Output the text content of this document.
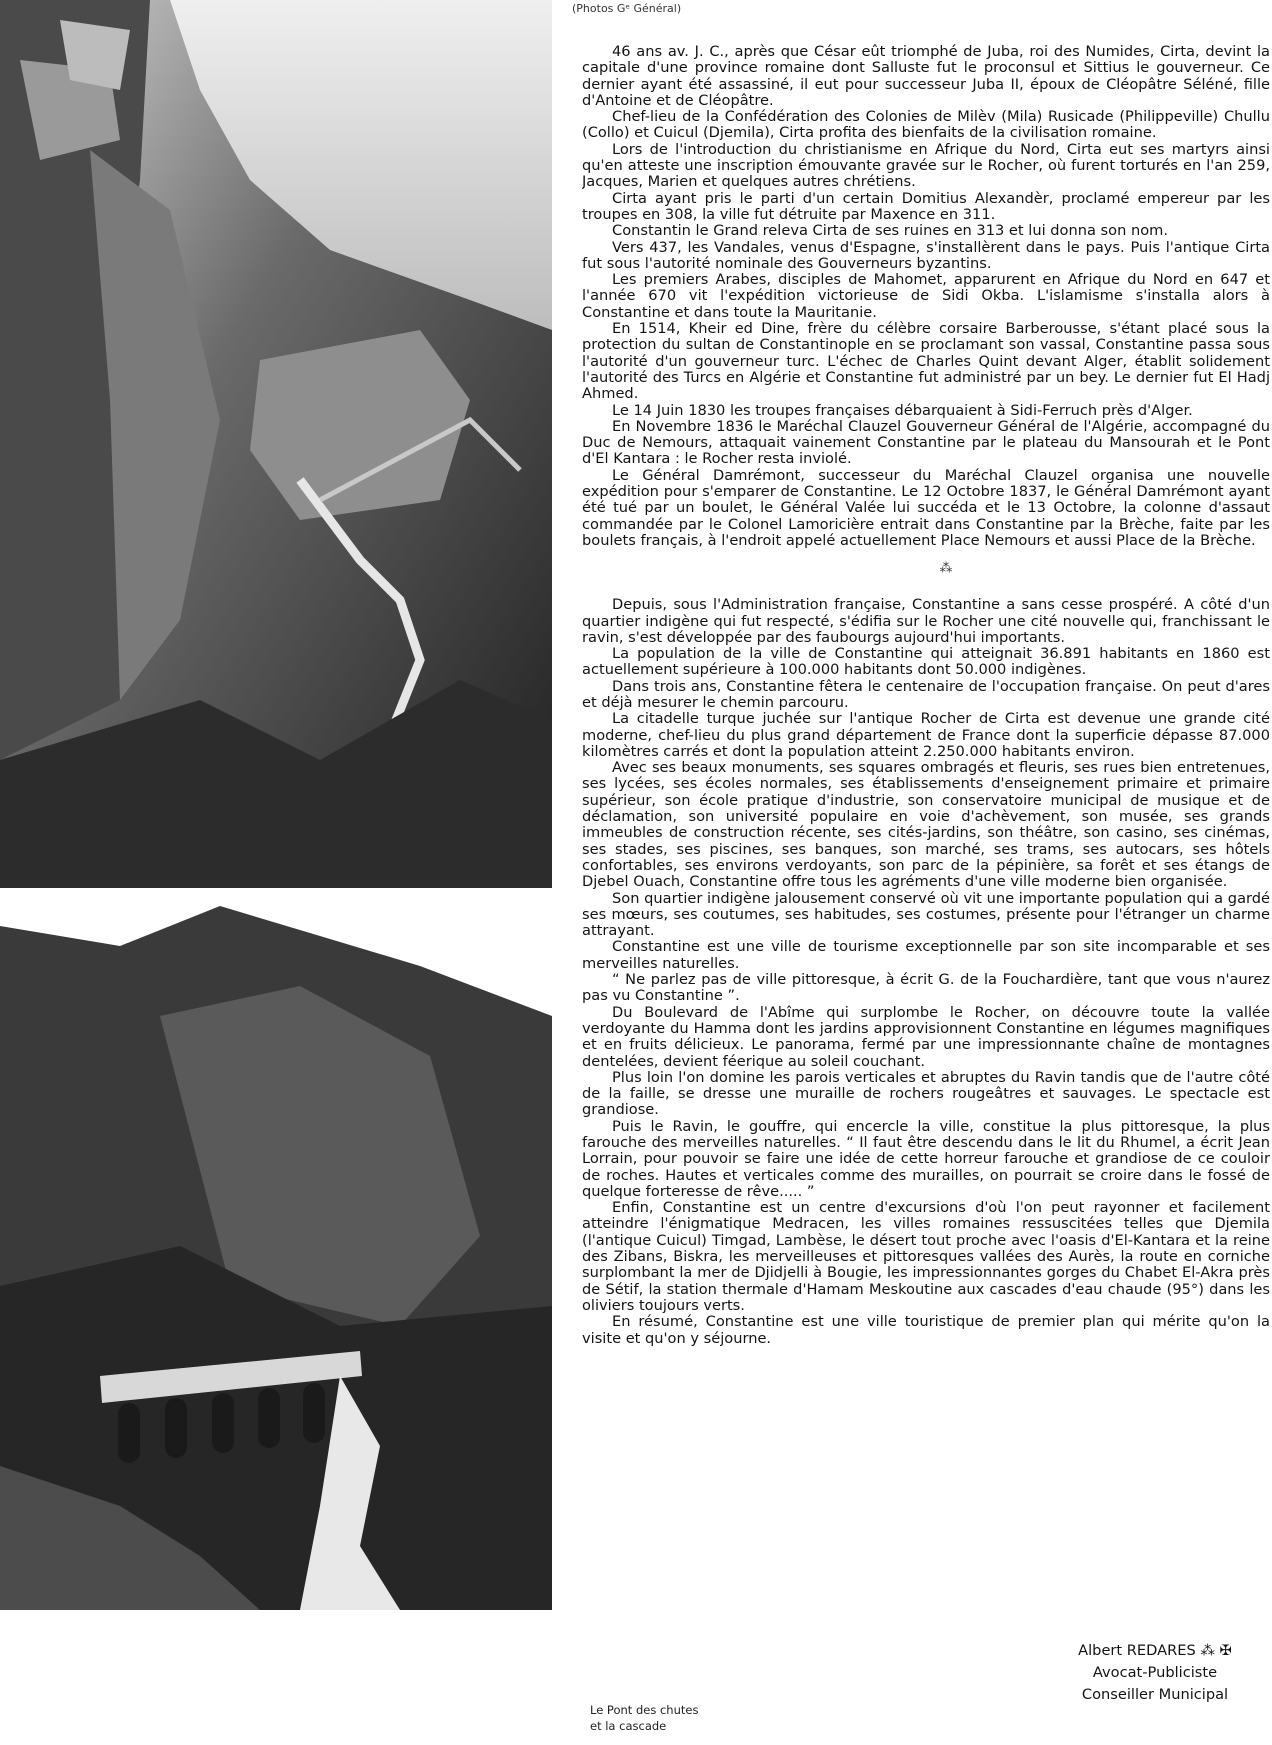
(Photos Gᵉ Général)

46 ans av. J. C., après que César eût triomphé de Juba, roi des Numides, Cirta, devint la capitale d'une province romaine dont Salluste fut le proconsul et Sittius le gouverneur. Ce dernier ayant été assassiné, il eut pour successeur Juba II, époux de Cléopâtre Séléné, fille d'Antoine et de Cléopâtre.

Chef-lieu de la Confédération des Colonies de Milèv (Mila) Rusicade (Philippeville) Chullu (Collo) et Cuicul (Djemila), Cirta profita des bienfaits de la civilisation romaine.

Lors de l'introduction du christianisme en Afrique du Nord, Cirta eut ses martyrs ainsi qu'en atteste une inscription émouvante gravée sur le Rocher, où furent torturés en l'an 259, Jacques, Marien et quelques autres chrétiens.

Cirta ayant pris le parti d'un certain Domitius Alexandèr, proclamé empereur par les troupes en 308, la ville fut détruite par Maxence en 311.

Constantin le Grand releva Cirta de ses ruines en 313 et lui donna son nom.

Vers 437, les Vandales, venus d'Espagne, s'installèrent dans le pays. Puis l'antique Cirta fut sous l'autorité nominale des Gouverneurs byzantins.

Les premiers Arabes, disciples de Mahomet, apparurent en Afrique du Nord en 647 et l'année 670 vit l'expédition victorieuse de Sidi Okba. L'islamisme s'installa alors à Constantine et dans toute la Mauritanie.

En 1514, Kheir ed Dine, frère du célèbre corsaire Barberousse, s'étant placé sous la protection du sultan de Constantinople en se proclamant son vassal, Constantine passa sous l'autorité d'un gouverneur turc. L'échec de Charles Quint devant Alger, établit solidement l'autorité des Turcs en Algérie et Constantine fut administré par un bey. Le dernier fut El Hadj Ahmed.

Le 14 Juin 1830 les troupes françaises débarquaient à Sidi-Ferruch près d'Alger.

En Novembre 1836 le Maréchal Clauzel Gouverneur Général de l'Algérie, accompagné du Duc de Nemours, attaquait vainement Constantine par le plateau du Mansourah et le Pont d'El Kantara : le Rocher resta inviolé.

Le Général Damrémont, successeur du Maréchal Clauzel organisa une nouvelle expédition pour s'emparer de Constantine. Le 12 Octobre 1837, le Général Damrémont ayant été tué par un boulet, le Général Valée lui succéda et le 13 Octobre, la colonne d'assaut commandée par le Colonel Lamoricière entrait dans Constantine par la Brèche, faite par les boulets français, à l'endroit appelé actuellement Place Nemours et aussi Place de la Brèche.

⁂

Depuis, sous l'Administration française, Constantine a sans cesse prospéré. A côté d'un quartier indigène qui fut respecté, s'édifia sur le Rocher une cité nouvelle qui, franchissant le ravin, s'est développée par des faubourgs aujourd'hui importants.

La population de la ville de Constantine qui atteignait 36.891 habitants en 1860 est actuellement supérieure à 100.000 habitants dont 50.000 indigènes.

Dans trois ans, Constantine fêtera le centenaire de l'occupation française. On peut d'ares et déjà mesurer le chemin parcouru.

La citadelle turque juchée sur l'antique Rocher de Cirta est devenue une grande cité moderne, chef-lieu du plus grand département de France dont la superficie dépasse 87.000 kilomètres carrés et dont la population atteint 2.250.000 habitants environ.

Avec ses beaux monuments, ses squares ombragés et fleuris, ses rues bien entretenues, ses lycées, ses écoles normales, ses établissements d'enseignement primaire et primaire supérieur, son école pratique d'industrie, son conservatoire municipal de musique et de déclamation, son université populaire en voie d'achèvement, son musée, ses grands immeubles de construction récente, ses cités-jardins, son théâtre, son casino, ses cinémas, ses stades, ses piscines, ses banques, son marché, ses trams, ses autocars, ses hôtels confortables, ses environs verdoyants, son parc de la pépinière, sa forêt et ses étangs de Djebel Ouach, Constantine offre tous les agréments d'une ville moderne bien organisée.

Son quartier indigène jalousement conservé où vit une importante population qui a gardé ses mœurs, ses coutumes, ses habitudes, ses costumes, présente pour l'étranger un charme attrayant.

Constantine est une ville de tourisme exceptionnelle par son site incomparable et ses merveilles naturelles.

“ Ne parlez pas de ville pittoresque, à écrit G. de la Fouchardière, tant que vous n'aurez pas vu Constantine ”.

Du Boulevard de l'Abîme qui surplombe le Rocher, on découvre toute la vallée verdoyante du Hamma dont les jardins approvisionnent Constantine en légumes magnifiques et en fruits délicieux. Le panorama, fermé par une impressionnante chaîne de montagnes dentelées, devient féerique au soleil couchant.

Plus loin l'on domine les parois verticales et abruptes du Ravin tandis que de l'autre côté de la faille, se dresse une muraille de rochers rougeâtres et sauvages. Le spectacle est grandiose.

Puis le Ravin, le gouffre, qui encercle la ville, constitue la plus pittoresque, la plus farouche des merveilles naturelles. “ Il faut être descendu dans le lit du Rhumel, a écrit Jean Lorrain, pour pouvoir se faire une idée de cette horreur farouche et grandiose de ce couloir de roches. Hautes et verticales comme des murailles, on pourrait se croire dans le fossé de quelque forteresse de rêve..... ”

Enfin, Constantine est un centre d'excursions d'où l'on peut rayonner et facilement atteindre l'énigmatique Medracen, les villes romaines ressuscitées telles que Djemila (l'antique Cuicul) Timgad, Lambèse, le désert tout proche avec l'oasis d'El-Kantara et la reine des Zibans, Biskra, les merveilleuses et pittoresques vallées des Aurès, la route en corniche surplombant la mer de Djidjelli à Bougie, les impressionnantes gorges du Chabet El-Akra près de Sétif, la station thermale d'Hamam Meskoutine aux cascades d'eau chaude (95°) dans les oliviers toujours verts.

En résumé, Constantine est une ville touristique de premier plan qui mérite qu'on la visite et qu'on y séjourne.

Albert REDARES ⁂ ✠
Avocat-Publiciste
Conseiller Municipal
Le Pont des chutes
et la cascade
